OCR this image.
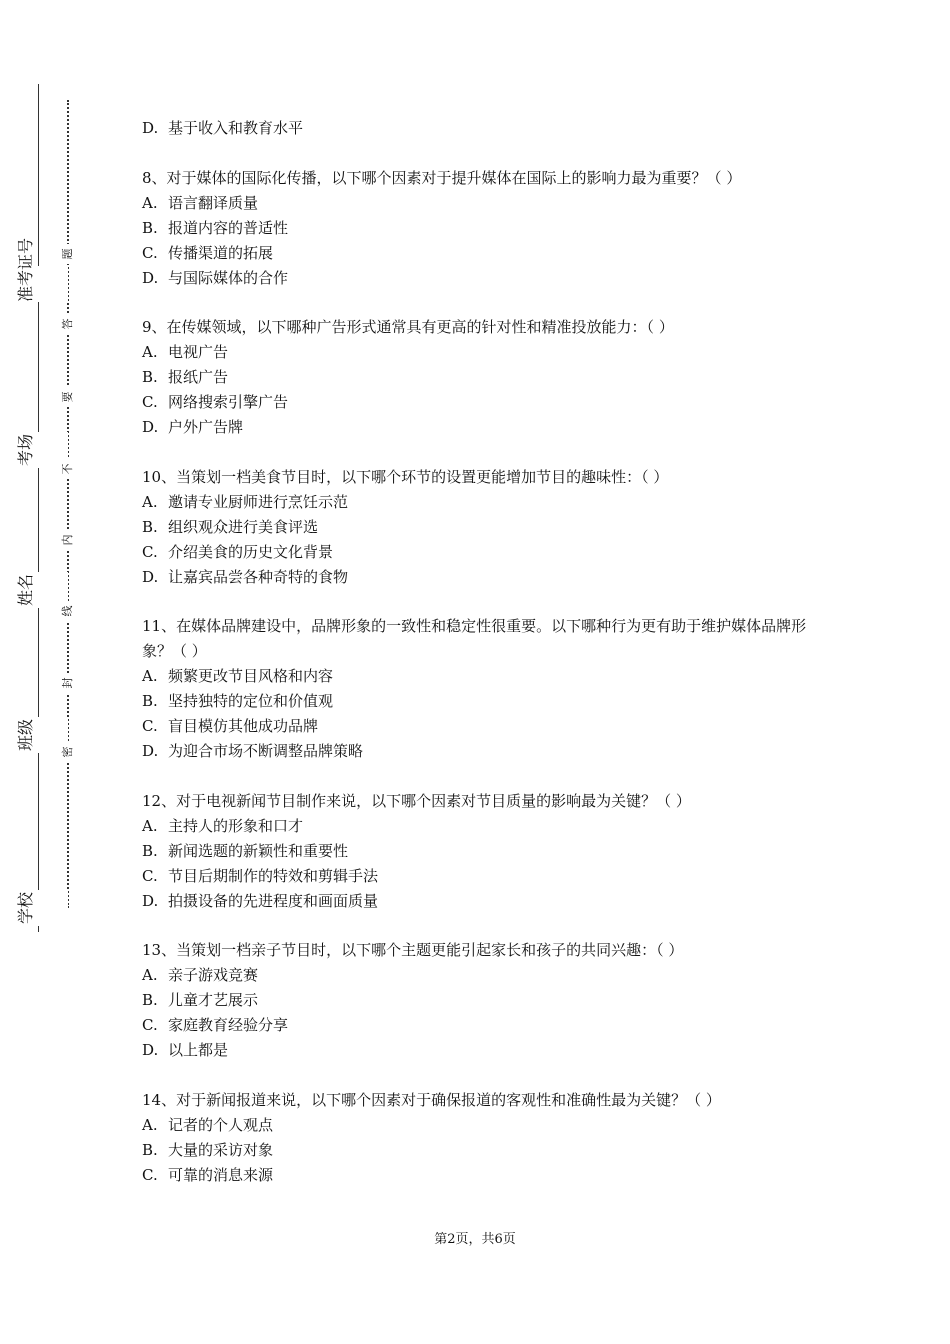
准考证号
考场
姓名
班级
学校
题
答
要
不
内
线
封
密
D. 基于收入和教育水平
8、对于媒体的国际化传播，以下哪个因素对于提升媒体在国际上的影响力最为重要？（ ）
A. 语言翻译质量
B. 报道内容的普适性
C. 传播渠道的拓展
D. 与国际媒体的合作
9、在传媒领域，以下哪种广告形式通常具有更高的针对性和精准投放能力：（ ）
A. 电视广告
B. 报纸广告
C. 网络搜索引擎广告
D. 户外广告牌
10、当策划一档美食节目时，以下哪个环节的设置更能增加节目的趣味性：（ ）
A. 邀请专业厨师进行烹饪示范
B. 组织观众进行美食评选
C. 介绍美食的历史文化背景
D. 让嘉宾品尝各种奇特的食物
11、在媒体品牌建设中，品牌形象的一致性和稳定性很重要。以下哪种行为更有助于维护媒体品牌形象？（ ）
A. 频繁更改节目风格和内容
B. 坚持独特的定位和价值观
C. 盲目模仿其他成功品牌
D. 为迎合市场不断调整品牌策略
12、对于电视新闻节目制作来说，以下哪个因素对节目质量的影响最为关键？（ ）
A. 主持人的形象和口才
B. 新闻选题的新颖性和重要性
C. 节目后期制作的特效和剪辑手法
D. 拍摄设备的先进程度和画面质量
13、当策划一档亲子节目时，以下哪个主题更能引起家长和孩子的共同兴趣：（ ）
A. 亲子游戏竞赛
B. 儿童才艺展示
C. 家庭教育经验分享
D. 以上都是
14、对于新闻报道来说，以下哪个因素对于确保报道的客观性和准确性最为关键？（ ）
A. 记者的个人观点
B. 大量的采访对象
C. 可靠的消息来源
第2页，共6页
